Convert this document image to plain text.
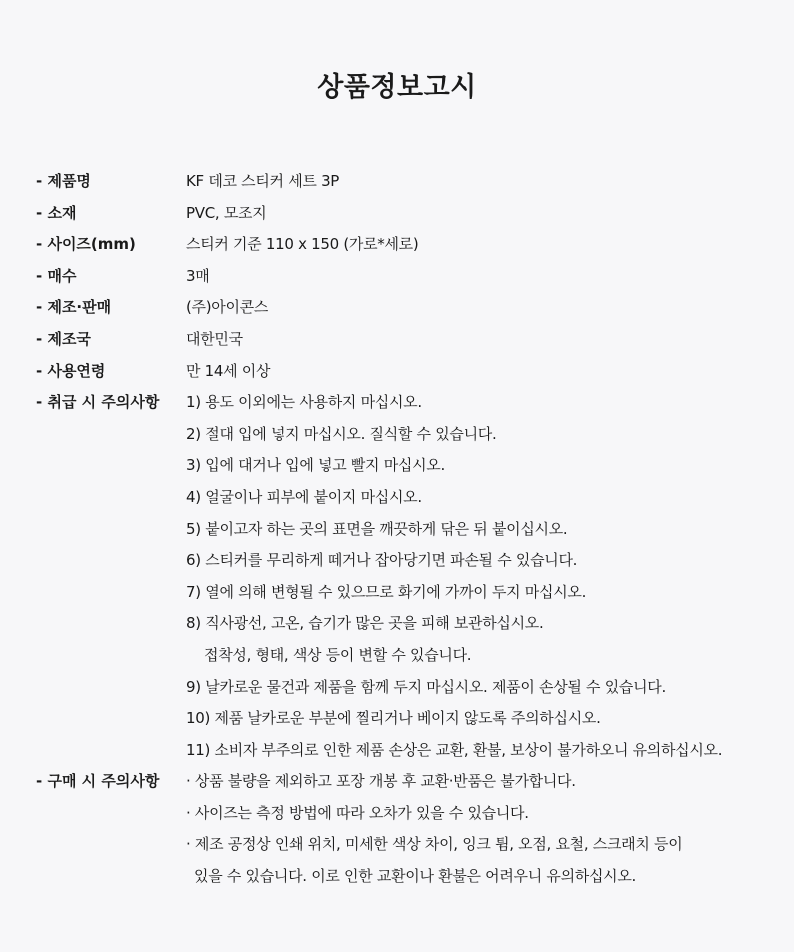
상품정보고시
- 제품명	KF 데코 스티커 세트 3P
- 소재	PVC, 모조지
- 사이즈(mm)	스티커 기준 110 x 150 (가로*세로)
- 매수	3매
- 제조·판매	(주)아이콘스
- 제조국	대한민국
- 사용연령	만 14세 이상
- 취급 시 주의사항	1) 용도 이외에는 사용하지 마십시오.
2) 절대 입에 넣지 마십시오. 질식할 수 있습니다.
3) 입에 대거나 입에 넣고 빨지 마십시오.
4) 얼굴이나 피부에 붙이지 마십시오.
5) 붙이고자 하는 곳의 표면을 깨끗하게 닦은 뒤 붙이십시오.
6) 스티커를 무리하게 떼거나 잡아당기면 파손될 수 있습니다.
7) 열에 의해 변형될 수 있으므로 화기에 가까이 두지 마십시오.
8) 직사광선, 고온, 습기가 많은 곳을 피해 보관하십시오.
접착성, 형태, 색상 등이 변할 수 있습니다.
9) 날카로운 물건과 제품을 함께 두지 마십시오. 제품이 손상될 수 있습니다.
10) 제품 날카로운 부분에 찔리거나 베이지 않도록 주의하십시오.
11) 소비자 부주의로 인한 제품 손상은 교환, 환불, 보상이 불가하오니 유의하십시오.
- 구매 시 주의사항	· 상품 불량을 제외하고 포장 개봉 후 교환·반품은 불가합니다.
· 사이즈는 측정 방법에 따라 오차가 있을 수 있습니다.
· 제조 공정상 인쇄 위치, 미세한 색상 차이, 잉크 튐, 오점, 요철, 스크래치 등이
있을 수 있습니다. 이로 인한 교환이나 환불은 어려우니 유의하십시오.
